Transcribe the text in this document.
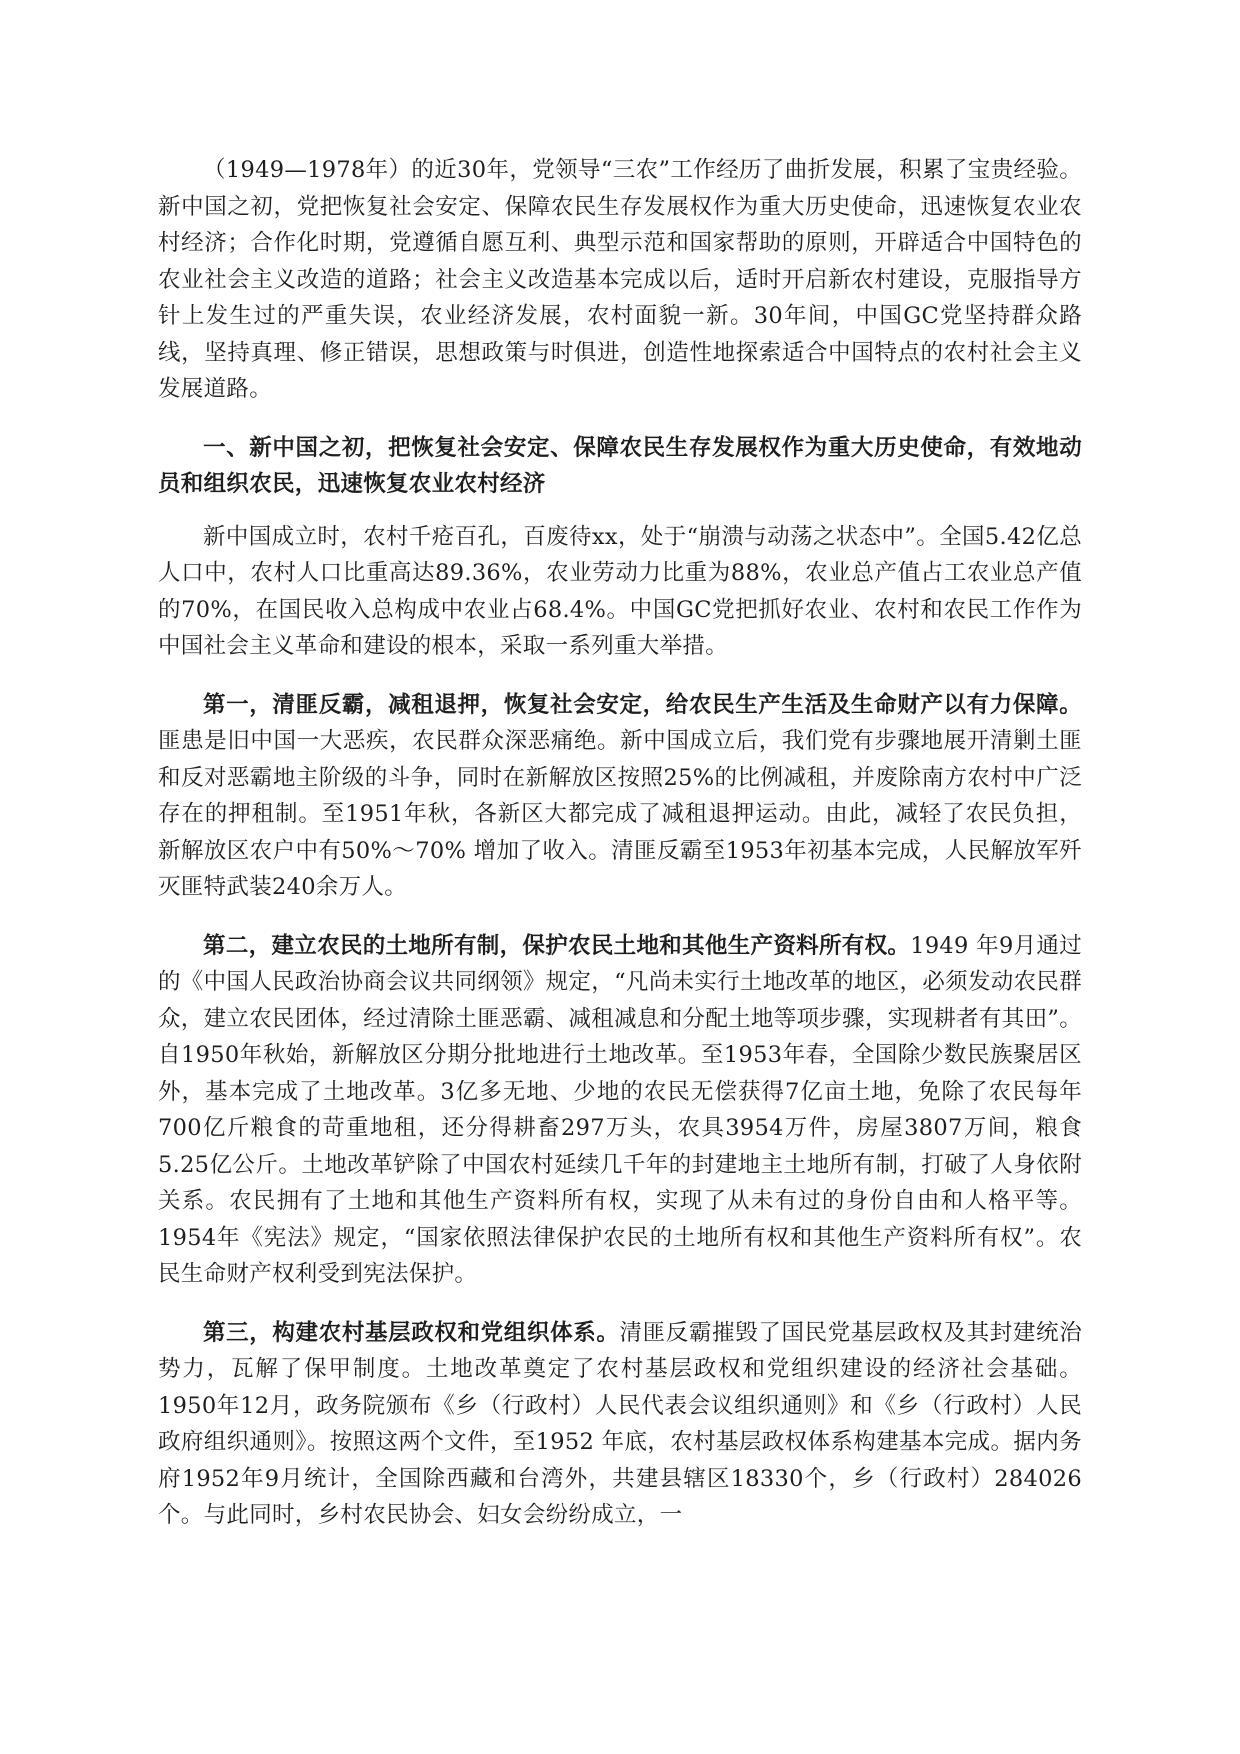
（1949—1978年）的近30年，党领导“三农”工作经历了曲折发展，积累了宝贵经验。新中国之初，党把恢复社会安定、保障农民生存发展权作为重大历史使命，迅速恢复农业农村经济；合作化时期，党遵循自愿互利、典型示范和国家帮助的原则，开辟适合中国特色的农业社会主义改造的道路；社会主义改造基本完成以后，适时开启新农村建设，克服指导方针上发生过的严重失误，农业经济发展，农村面貌一新。30年间，中国GC党坚持群众路线，坚持真理、修正错误，思想政策与时俱进，创造性地探索适合中国特点的农村社会主义发展道路。

一、新中国之初，把恢复社会安定、保障农民生存发展权作为重大历史使命，有效地动员和组织农民，迅速恢复农业农村经济

新中国成立时，农村千疮百孔，百废待xx，处于“崩溃与动荡之状态中”。全国5.42亿总人口中，农村人口比重高达89.36%，农业劳动力比重为88%，农业总产值占工农业总产值的70%，在国民收入总构成中农业占68.4%。中国GC党把抓好农业、农村和农民工作作为中国社会主义革命和建设的根本，采取一系列重大举措。

第一，清匪反霸，减租退押，恢复社会安定，给农民生产生活及生命财产以有力保障。匪患是旧中国一大恶疾，农民群众深恶痛绝。新中国成立后，我们党有步骤地展开清剿土匪和反对恶霸地主阶级的斗争，同时在新解放区按照25%的比例减租，并废除南方农村中广泛存在的押租制。至1951年秋，各新区大都完成了减租退押运动。由此，减轻了农民负担，新解放区农户中有50%～70% 增加了收入。清匪反霸至1953年初基本完成，人民解放军歼灭匪特武装240余万人。

第二，建立农民的土地所有制，保护农民土地和其他生产资料所有权。1949 年9月通过的《中国人民政治协商会议共同纲领》规定，“凡尚未实行土地改革的地区，必须发动农民群众，建立农民团体，经过清除土匪恶霸、减租减息和分配土地等项步骤，实现耕者有其田”。自1950年秋始，新解放区分期分批地进行土地改革。至1953年春，全国除少数民族聚居区外，基本完成了土地改革。3亿多无地、少地的农民无偿获得7亿亩土地，免除了农民每年700亿斤粮食的苛重地租，还分得耕畜297万头，农具3954万件，房屋3807万间，粮食5.25亿公斤。土地改革铲除了中国农村延续几千年的封建地主土地所有制，打破了人身依附关系。农民拥有了土地和其他生产资料所有权，实现了从未有过的身份自由和人格平等。1954年《宪法》规定，“国家依照法律保护农民的土地所有权和其他生产资料所有权”。农民生命财产权利受到宪法保护。

第三，构建农村基层政权和党组织体系。清匪反霸摧毁了国民党基层政权及其封建统治势力，瓦解了保甲制度。土地改革奠定了农村基层政权和党组织建设的经济社会基础。1950年12月，政务院颁布《乡（行政村）人民代表会议组织通则》和《乡（行政村）人民政府组织通则》。按照这两个文件，至1952 年底，农村基层政权体系构建基本完成。据内务府1952年9月统计，全国除西藏和台湾外，共建县辖区18330个，乡（行政村）284026个。与此同时，乡村农民协会、妇女会纷纷成立，一
